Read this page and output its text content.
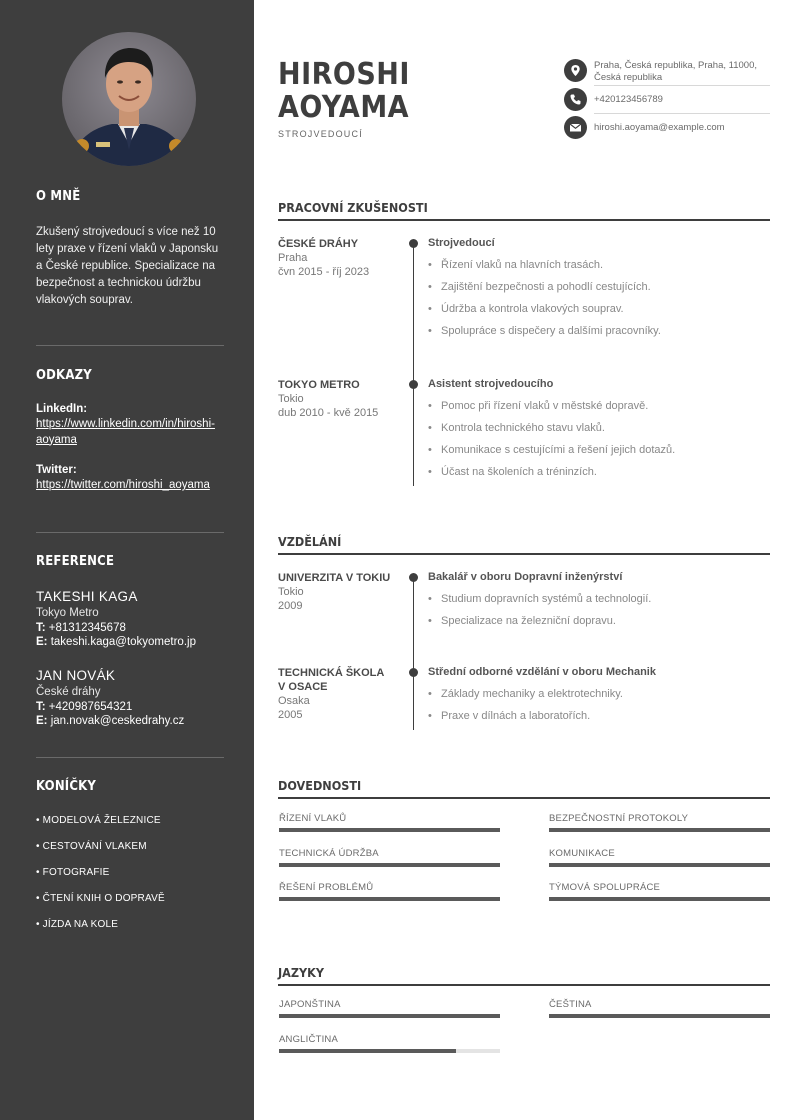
O MNĚ
Zkušený strojvedoucí s více než 10 lety praxe v řízení vlaků v Japonsku a České republice. Specializace na bezpečnost a technickou údržbu vlakových souprav.
ODKAZY
LinkedIn:
https://www.linkedin.com/in/hiroshi-aoyama
Twitter:
https://twitter.com/hiroshi_aoyama
REFERENCE
TAKESHI KAGA
Tokyo Metro
T: +81312345678
E: takeshi.kaga@tokyometro.jp
JAN NOVÁK
České dráhy
T: +420987654321
E: jan.novak@ceskedrahy.cz
KONÍČKY
• MODELOVÁ ŽELEZNICE
• CESTOVÁNÍ VLAKEM
• FOTOGRAFIE
• ČTENÍ KNIH O DOPRAVĚ
• JÍZDA NA KOLE
HIROSHI
AOYAMA
STROJVEDOUCÍ
Praha, Česká republika, Praha, 11000, Česká republika
+420123456789
hiroshi.aoyama@example.com
PRACOVNÍ ZKUŠENOSTI
ČESKÉ DRÁHY
Praha
čvn 2015 - říj 2023
Strojvedoucí
• Řízení vlaků na hlavních trasách.
• Zajištění bezpečnosti a pohodlí cestujících.
• Údržba a kontrola vlakových souprav.
• Spolupráce s dispečery a dalšími pracovníky.
TOKYO METRO
Tokio
dub 2010 - kvě 2015
Asistent strojvedoucího
• Pomoc při řízení vlaků v městské dopravě.
• Kontrola technického stavu vlaků.
• Komunikace s cestujícími a řešení jejich dotazů.
• Účast na školeních a tréninzích.
VZDĚLÁNÍ
UNIVERZITA V TOKIU
Tokio
2009
Bakalář v oboru Dopravní inženýrství
• Studium dopravních systémů a technologií.
• Specializace na železniční dopravu.
TECHNICKÁ ŠKOLA V OSACE
Osaka
2005
Střední odborné vzdělání v oboru Mechanik
• Základy mechaniky a elektrotechniky.
• Praxe v dílnách a laboratořích.
DOVEDNOSTI
ŘÍZENÍ VLAKŮ	BEZPEČNOSTNÍ PROTOKOLY
TECHNICKÁ ÚDRŽBA	KOMUNIKACE
ŘEŠENÍ PROBLÉMŮ	TÝMOVÁ SPOLUPRÁCE
JAZYKY
JAPONŠTINA	ČEŠTINA
ANGLIČTINA
